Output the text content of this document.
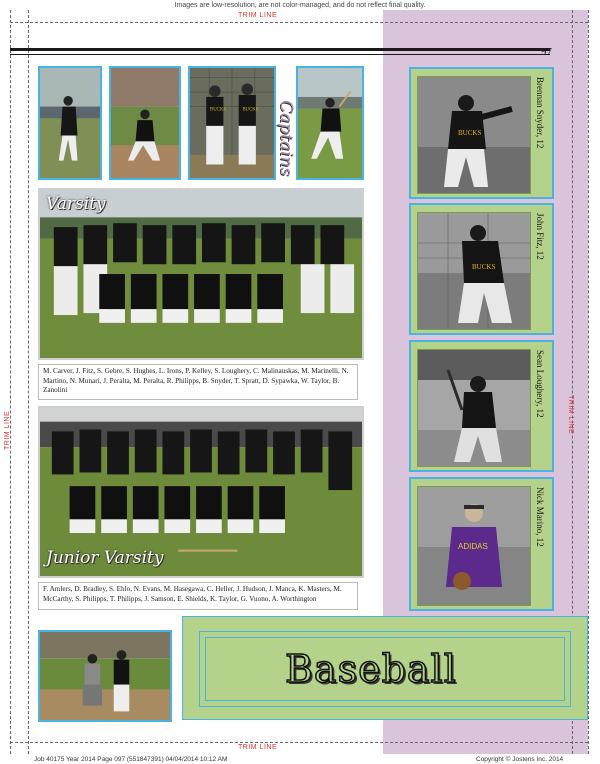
Images are low-resolution, are not color-managed, and do not reflect final quality.
TRIM LINE
TRIM LINE
TRIM LINE	TRIM LINE
97
BUCKS	BUCKS Captains
Varsity
M. Carver, J. Fitz, S. Gebre, S. Hughes, L. Irons, P. Kelley, S. Loughery, C. Malinauskas, M. Marinelli, N. Martino, N. Munari, J. Peralta, M. Peralta, R. Philipps, B. Snyder, T. Spratt, D. Sypawka, W. Taylor, B. Zanolini
Junior Varsity
F. Amlers, D. Bradley, S. Ehlo, N. Evans, M. Hasegawa, C. Heller, J. Hudson, J. Manca, K. Masters, M. McCarthy, S. Philipps, T. Philipps, J. Samson, E. Shields, K. Taylor, G. Vuono, A. Worthington
BUCKS	Brennan Snyder, 12
BUCKS
John Fitz, 12
Sean Loughery, 12
ADIDAS	Nick Marino, 12
Baseball
Job 40175 Year 2014 Page 097 (551847391) 04/04/2014 10:12 AM	Copyright © Jostens Inc. 2014
